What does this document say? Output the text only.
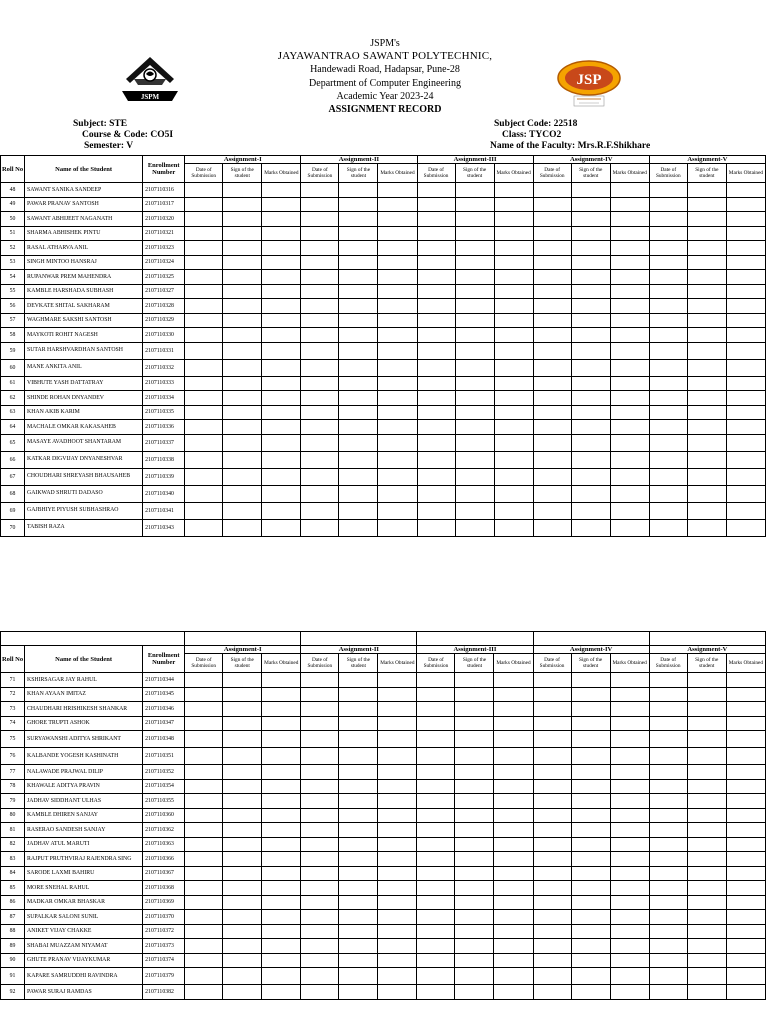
JSPM
JSPM's
JAYAWANTRAO SAWANT POLYTECHNIC,
Handewadi Road, Hadapsar, Pune-28
Department of Computer Engineering
Academic Year 2023-24
ASSIGNMENT RECORD
JSP
Subject: STE
Course & Code: CO5I
Semester: V
Subject Code: 22518
Class: TYCO2
Name of the Faculty: Mrs.R.F.Shikhare
Roll No	Name of the Student	Enrollment Number	Assignment-I			Assignment-II			Assignment-III			Assignment-IV			Assignment-V		
			Date of Submission	Sign of the student	Marks Obtained	Date of Submission	Sign of the student	Marks Obtained	Date of Submission	Sign of the student	Marks Obtained	Date of Submission	Sign of the student	Marks Obtained	Date of Submission	Sign of the student	Marks Obtained
48	SAWANT SANIKA SANDEEP	2107110316															
49	PAWAR PRANAV SANTOSH	2107110317															
50	SAWANT ABHIJEET NAGANATH	2107110320															
51	SHARMA ABHISHEK PINTU	2107110321															
52	RASAL ATHARVA ANIL	2107110323															
53	SINGH MINTOO HANSRAJ	2107110324															
54	RUPANWAR PREM MAHENDRA	2107110325															
55	KAMBLE HARSHADA SUBHASH	2107110327															
56	DEVKATE SHITAL SAKHARAM	2107110328															
57	WAGHMARE SAKSHI SANTOSH	2107110329															
58	MAYKOTI ROHIT NAGESH	2107110330															
59	SUTAR HARSHVARDHAN SANTOSH	2107110331															
60	MANE ANKITA ANIL	2107110332															
61	VIBHUTE YASH DATTATRAY	2107110333															
62	SHINDE ROHAN DNYANDEV	2107110334															
63	KHAN AKIB KARIM	2107110335															
64	MACHALE OMKAR KAKASAHEB	2107110336															
65	MASAYE AVADHOOT SHANTARAM	2107110337															
66	KATKAR DIGVIJAY DNYANESHVAR	2107110338															
67	CHOUDHARI SHREYASH BHAUSAHEB	2107110339															
68	GAIKWAD SHRUTI DADASO	2107110340															
69	GAJBHIYE PIYUSH SUBHASHRAO	2107110341															
70	TABISH RAZA	2107110343															

Roll No	Name of the Student	Enrollment Number	Assignment-I			Assignment-II			Assignment-III			Assignment-IV			Assignment-V		
			Date of Submission	Sign of the student	Marks Obtained	Date of Submission	Sign of the student	Marks Obtained	Date of Submission	Sign of the student	Marks Obtained	Date of Submission	Sign of the student	Marks Obtained	Date of Submission	Sign of the student	Marks Obtained
71	KSHIRSAGAR JAY RAHUL	2107110344															
72	KHAN AYAAN IMITAZ	2107110345															
73	CHAUDHARI HRISHIKESH SHANKAR	2107110346															
74	GHORE TRUPTI ASHOK	2107110347															
75	SURYAWANSHI ADITYA SHRIKANT	2107110348															
76	KALBANDE YOGESH KASHINATH	2107110351															
77	NALAWADE PRAJWAL DILIP	2107110352															
78	KHAWALE ADITYA PRAVIN	2107110354															
79	JADHAV SIDDHANT ULHAS	2107110355															
80	KAMBLE DHIREN SANJAY	2107110360															
81	RASERAO SANDESH SANJAY	2107110362															
82	JADHAV ATUL MARUTI	2107110363															
83	RAJPUT PRUTHVIRAJ RAJENDRA SING	2107110366															
84	SARODE LAXMI BAHIRU	2107110367															
85	MORE SNEHAL RAHUL	2107110368															
86	MADKAR OMKAR BHASKAR	2107110369															
87	SUPALKAR SALONI SUNIL	2107110370															
88	ANIKET VIJAY CHAKKE	2107110372															
89	SHABAI MUAZZAM NIYAMAT	2107110373															
90	GHUTE PRANAV VIJAYKUMAR	2107110374															
91	KAPARE SAMRUDDHI RAVINDRA	2107110379															
92	PAWAR SURAJ RAMDAS	2107110382															
